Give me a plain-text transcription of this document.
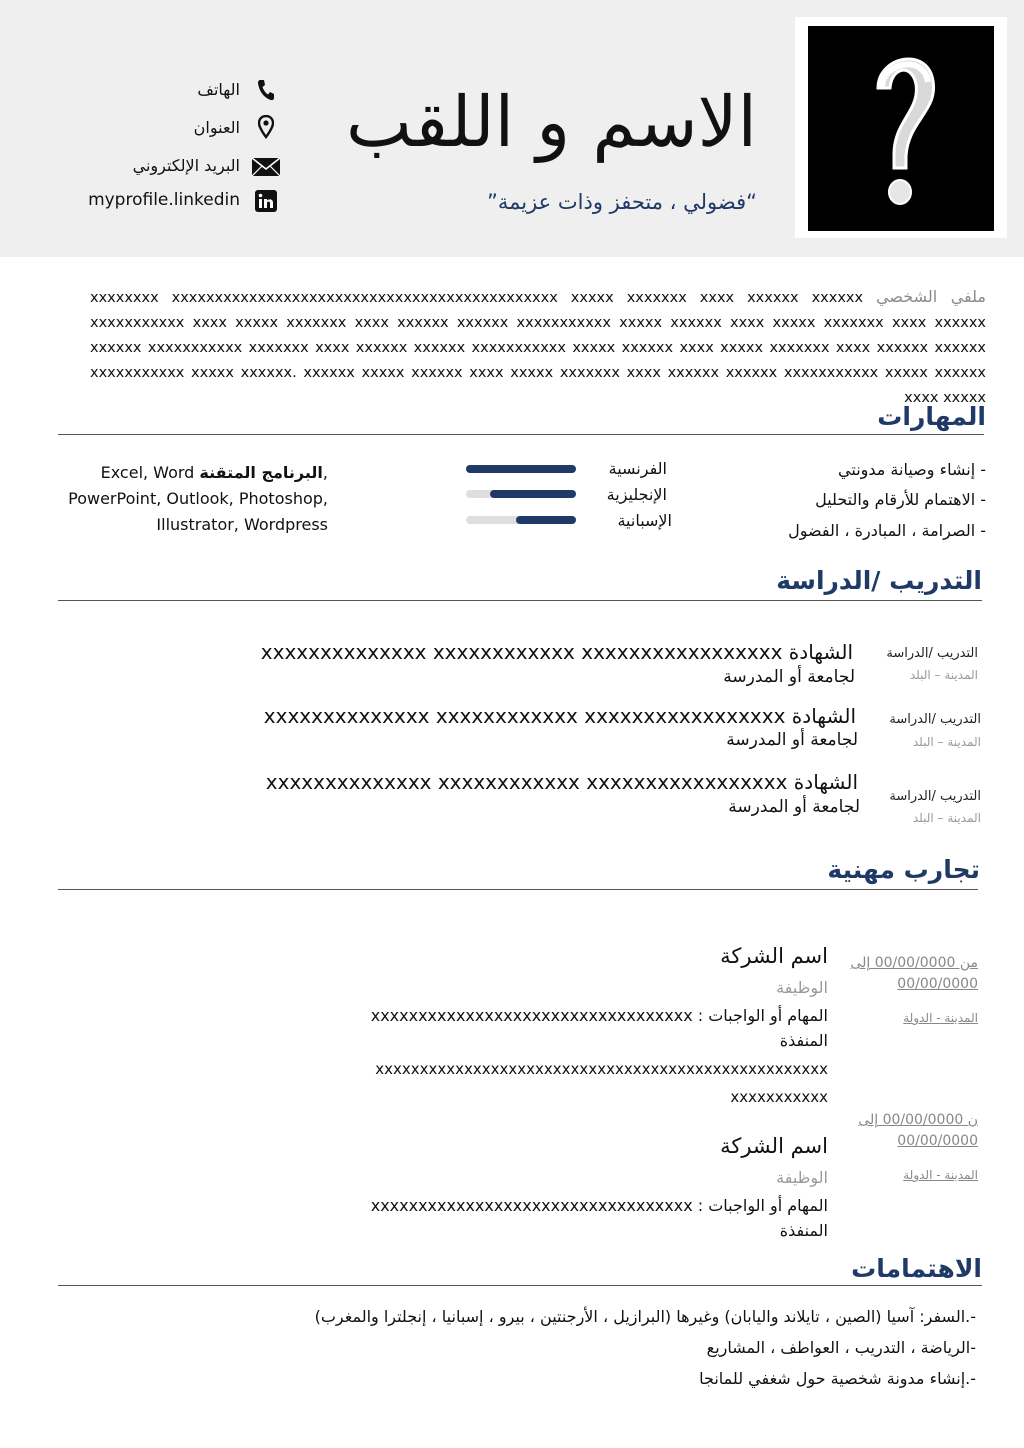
الاسم و اللقب
“فضولي ، متحفز وذات عزيمة”
الهاتف
العنوان
البريد الإلكتروني
myprofile.linkedin
ملفي الشخصي xxxxxxxx xxxxxxxxxxxxxxxxxxxxxxxxxxxxxxxxxxxxxxxxxxxxx xxxxx xxxxxxx xxxx xxxxxx xxxxxx xxxxxxxxxxx xxxx xxxxx xxxxxxx xxxx xxxxxx xxxxxx xxxxxxxxxxx xxxxx xxxxxx xxxx xxxxx xxxxxxx xxxx xxxxxx xxxxxx xxxxxxxxxxx xxxxxxx xxxx xxxxxx xxxxxx xxxxxxxxxxx xxxxx xxxxxx xxxx xxxxx xxxxxxx xxxx xxxxxx xxxxxx xxxxxxxxxxx xxxxx xxxxxx. xxxxxx xxxxx xxxxxx xxxx xxxxx xxxxxxx xxxx xxxxxx xxxxxx xxxxxxxxxxx xxxxx xxxxxx xxxx xxxxx
المهارات
- إنشاء وصيانة مدونتي
- الاهتمام للأرقام والتحليل
- الصرامة ، المبادرة ، الفضول
الفرنسية
الإنجليزية
الإسبانية
Excel, Word البرنامج المتقنة,
PowerPoint, Outlook, Photoshop,
Illustrator, Wordpress
التدريب /الدراسة
التدريب /الدراسة
المدينة – البلد
الشهادة xxxxxxxxxxxxxx xxxxxxxxxxxx xxxxxxxxxxxxxxxxx
لجامعة أو المدرسة
التدريب /الدراسة
المدينة – البلد
الشهادة xxxxxxxxxxxxxx xxxxxxxxxxxx xxxxxxxxxxxxxxxxx
لجامعة أو المدرسة
التدريب /الدراسة
المدينة – البلد
الشهادة xxxxxxxxxxxxxx xxxxxxxxxxxx xxxxxxxxxxxxxxxxx
لجامعة أو المدرسة
تجارب مهنية
من 00/00/0000 إلى
00/00/0000
المدينة - الدولة
اسم الشركة
الوظيفة
المهام أو الواجبات : xxxxxxxxxxxxxxxxxxxxxxxxxxxxxxxxxx
المنفذة
xxxxxxxxxxxxxxxxxxxxxxxxxxxxxxxxxxxxxxxxxxxxxxxxxxx
xxxxxxxxxxx
ن 00/00/0000 إلى
00/00/0000
المدينة - الدولة
اسم الشركة
الوظيفة
المهام أو الواجبات : xxxxxxxxxxxxxxxxxxxxxxxxxxxxxxxxxx
المنفذة
الاهتمامات
-.السفر: آسيا (الصين ، تايلاند واليابان) وغيرها (البرازيل ، الأرجنتين ، بيرو ، إسبانيا ، إنجلترا والمغرب)
-الرياضة ، التدريب ، العواطف ، المشاريع
-.إنشاء مدونة شخصية حول شغفي للمانجا
